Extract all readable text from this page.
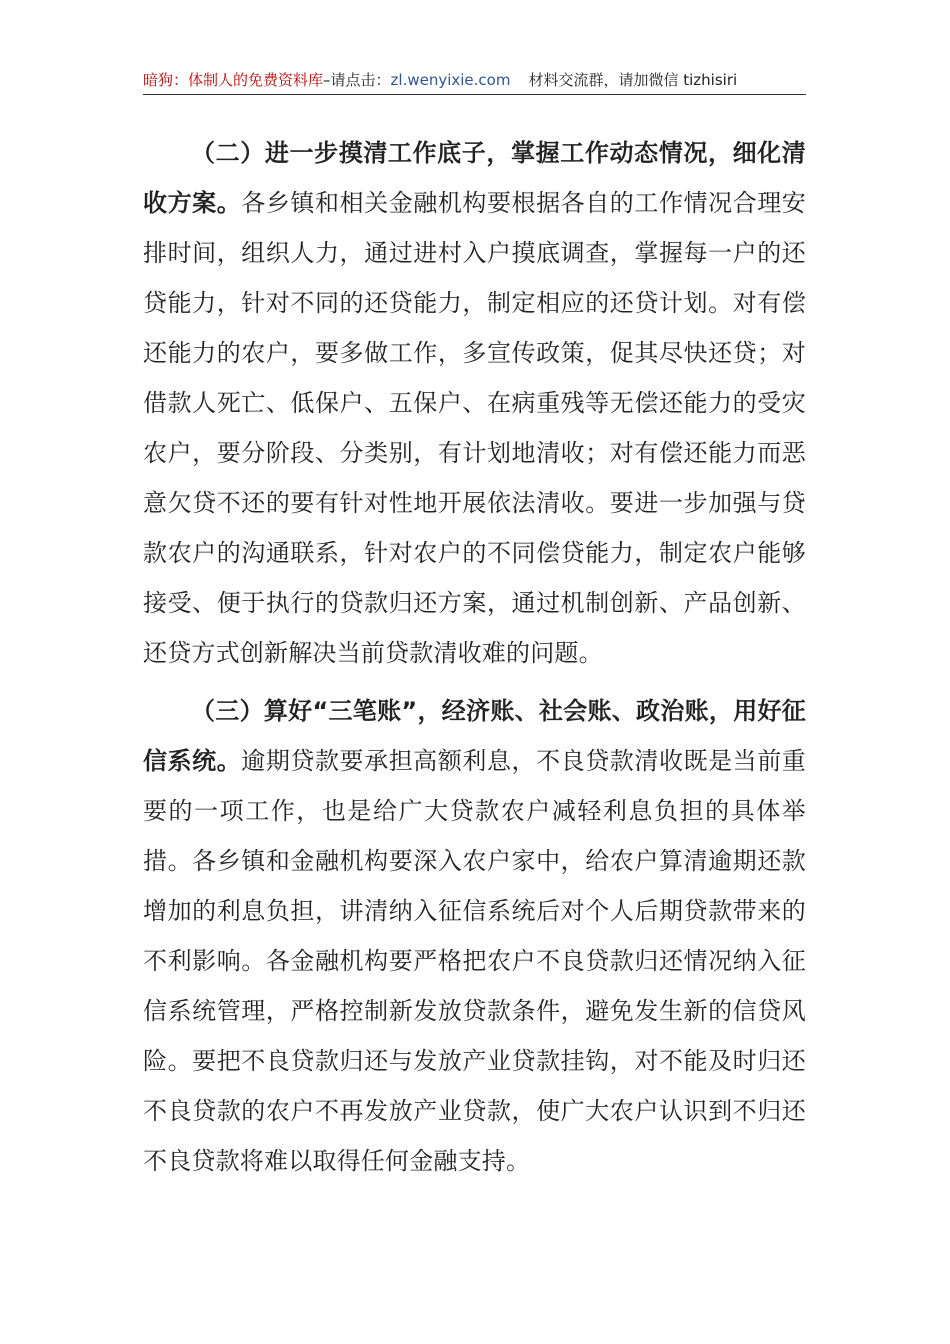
暗狗：体制人的免费资料库–请点击：zl.wenyixie.com 材料交流群，请加微信 tizhisiri

（二）进一步摸清工作底子，掌握工作动态情况，细化清收方案。各乡镇和相关金融机构要根据各自的工作情况合理安排时间，组织人力，通过进村入户摸底调查，掌握每一户的还贷能力，针对不同的还贷能力，制定相应的还贷计划。对有偿还能力的农户，要多做工作，多宣传政策，促其尽快还贷；对借款人死亡、低保户、五保户、在病重残等无偿还能力的受灾农户，要分阶段、分类别，有计划地清收；对有偿还能力而恶意欠贷不还的要有针对性地开展依法清收。要进一步加强与贷款农户的沟通联系，针对农户的不同偿贷能力，制定农户能够接受、便于执行的贷款归还方案，通过机制创新、产品创新、还贷方式创新解决当前贷款清收难的问题。

（三）算好“三笔账”，经济账、社会账、政治账，用好征信系统。逾期贷款要承担高额利息，不良贷款清收既是当前重要的一项工作，也是给广大贷款农户减轻利息负担的具体举措。各乡镇和金融机构要深入农户家中，给农户算清逾期还款增加的利息负担，讲清纳入征信系统后对个人后期贷款带来的不利影响。各金融机构要严格把农户不良贷款归还情况纳入征信系统管理，严格控制新发放贷款条件，避免发生新的信贷风险。要把不良贷款归还与发放产业贷款挂钩，对不能及时归还不良贷款的农户不再发放产业贷款，使广大农户认识到不归还不良贷款将难以取得任何金融支持。
